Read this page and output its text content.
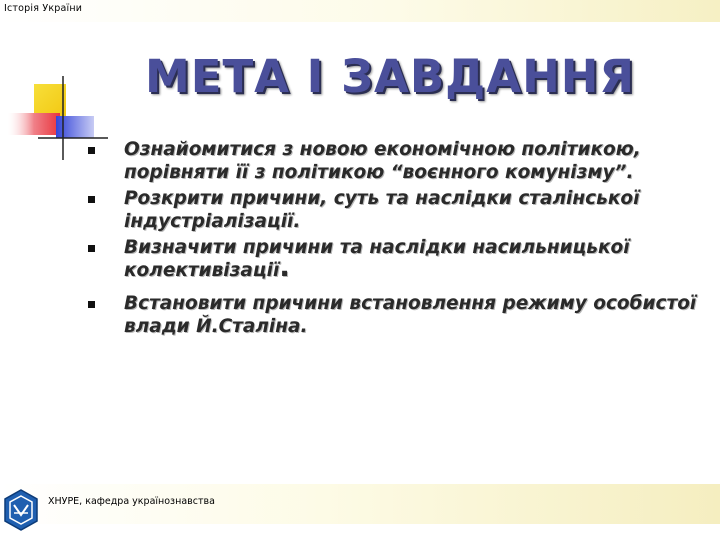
Історія України
МЕТА І ЗАВДАННЯ
Ознайомитися з новою економічною політикою, порівняти її з політикою “воєнного комунізму”.
Розкрити причини, суть та наслідки сталінської індустріалізації.
Визначити причини та наслідки насильницької колективізації.
Встановити причини встановлення режиму особистої влади Й.Сталіна.
ХНУРЕ, кафедра українознавства
